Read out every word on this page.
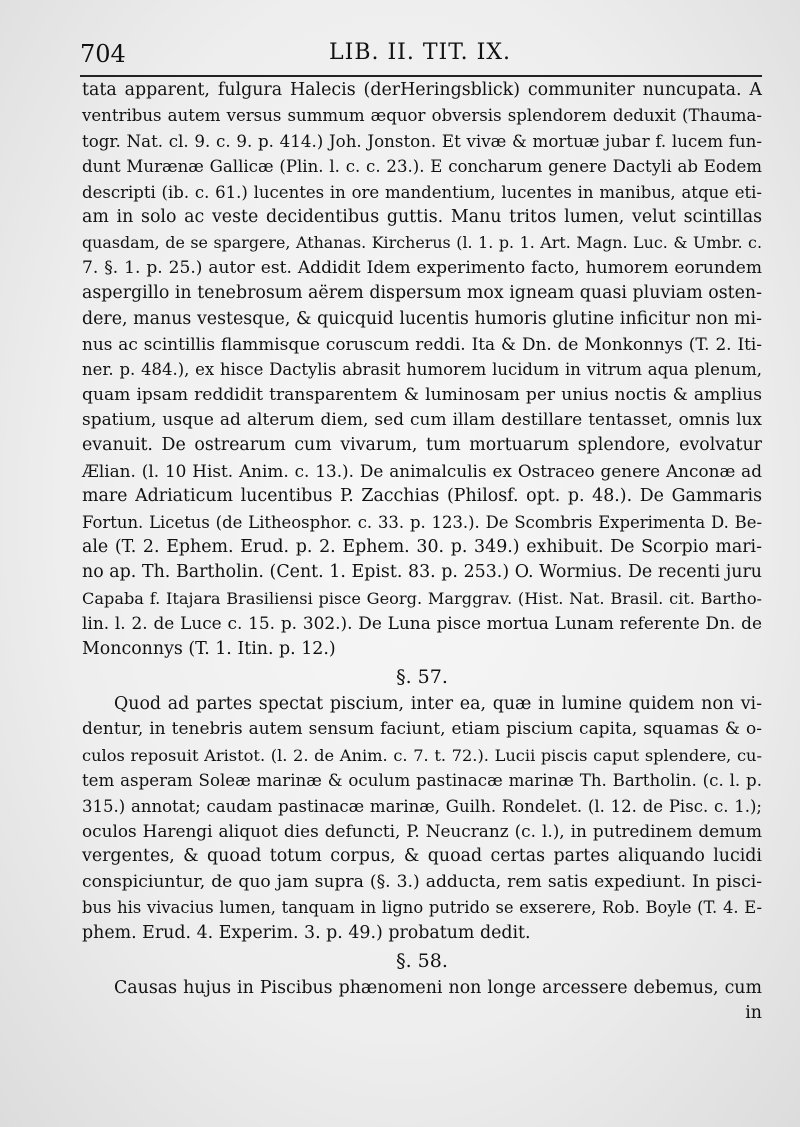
704	LIB. II. TIT. IX.
tata apparent, fulgura Halecis (derHeringsblick) communiter nuncupata. A
ventribus autem versus summum æquor obversis splendorem deduxit (Thauma-
togr. Nat. cl. 9. c. 9. p. 414.) Joh. Jonston. Et vivæ & mortuæ jubar f. lucem fun-
dunt Murænæ Gallicæ (Plin. l. c. c. 23.). E concharum genere Dactyli ab Eodem
descripti (ib. c. 61.) lucentes in ore mandentium, lucentes in manibus, atque eti-
am in solo ac veste decidentibus guttis. Manu tritos lumen, velut scintillas
quasdam, de se spargere, Athanas. Kircherus (l. 1. p. 1. Art. Magn. Luc. & Umbr. c.
7. §. 1. p. 25.) autor est. Addidit Idem experimento facto, humorem eorundem
aspergillo in tenebrosum aërem dispersum mox igneam quasi pluviam osten-
dere, manus vestesque, & quicquid lucentis humoris glutine inficitur non mi-
nus ac scintillis flammisque coruscum reddi. Ita & Dn. de Monkonnys (T. 2. Iti-
ner. p. 484.), ex hisce Dactylis abrasit humorem lucidum in vitrum aqua plenum,
quam ipsam reddidit transparentem & luminosam per unius noctis & amplius
spatium, usque ad alterum diem, sed cum illam destillare tentasset, omnis lux
evanuit. De ostrearum cum vivarum, tum mortuarum splendore, evolvatur
Ælian. (l. 10 Hist. Anim. c. 13.). De animalculis ex Ostraceo genere Anconæ ad
mare Adriaticum lucentibus P. Zacchias (Philosf. opt. p. 48.). De Gammaris
Fortun. Licetus (de Litheosphor. c. 33. p. 123.). De Scombris Experimenta D. Be-
ale (T. 2. Ephem. Erud. p. 2. Ephem. 30. p. 349.) exhibuit. De Scorpio mari-
no ap. Th. Bartholin. (Cent. 1. Epist. 83. p. 253.) O. Wormius. De recenti juru
Capaba f. Itajara Brasiliensi pisce Georg. Marggrav. (Hist. Nat. Brasil. cit. Bartho-
lin. l. 2. de Luce c. 15. p. 302.). De Luna pisce mortua Lunam referente Dn. de
Monconnys (T. 1. Itin. p. 12.)
§. 57.
Quod ad partes spectat piscium, inter ea, quæ in lumine quidem non vi-
dentur, in tenebris autem sensum faciunt, etiam piscium capita, squamas & o-
culos reposuit Aristot. (l. 2. de Anim. c. 7. t. 72.). Lucii piscis caput splendere, cu-
tem asperam Soleæ marinæ & oculum pastinacæ marinæ Th. Bartholin. (c. l. p.
315.) annotat; caudam pastinacæ marinæ, Guilh. Rondelet. (l. 12. de Pisc. c. 1.);
oculos Harengi aliquot dies defuncti, P. Neucranz (c. l.), in putredinem demum
vergentes, & quoad totum corpus, & quoad certas partes aliquando lucidi
conspiciuntur, de quo jam supra (§. 3.) adducta, rem satis expediunt. In pisci-
bus his vivacius lumen, tanquam in ligno putrido se exserere, Rob. Boyle (T. 4. E-
phem. Erud. 4. Experim. 3. p. 49.) probatum dedit.
§. 58.
Causas hujus in Piscibus phænomeni non longe arcessere debemus, cum
in
